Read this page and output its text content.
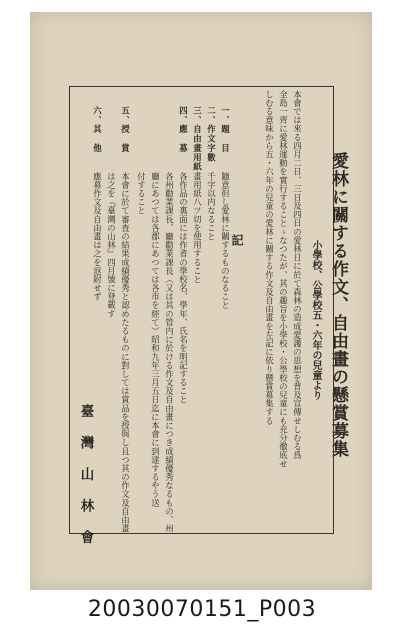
愛林に關する作文、自由畫の懸賞募集
小學校、公學校五・六年の兒童より
本會では來る四月二日、三日及四日の愛林日に於て森林の造成愛護の思想を普及宣傳せしむる爲
全島一齊に愛林運動を實行することゝなつたが、其の趣旨を小學校・公學校の兒童にも充分徹底せ
しむる意味から五・六年の兒童の愛林に關する作文及自由畫を左記に依り懸賞募集する
記
一、題　目
二、作文字數
三、自由畫用紙
四、應　募
五、授　賞
六、其　他
隨意但し愛林に關するものなること
千字以内なること
畫用紙八ツ切を使用すること
各作品の裏面には作者の學校名、學年、氏名を明記すること
各州勸業課長、廳勸業課長（又は其の管内に於ける作文及自由畫につき成績優秀なるもの、州
付すること　　　　　　　　　　　　　　　　　　　　　　　　　　　　　　　　　　　　　　　　　　 廳にあつては各郡にあつては各市を經て）昭和九年三月五日迄に本會に到達するやう送
本會に於て審査の結果成績優秀と認めたるものに對しては賞品を授與し且つ其の作文及自由畫
は之を『臺灣の山林』四月號に登載す
應募作文及自由畫は之を返附せず
臺灣山林會
20030070151_P003
